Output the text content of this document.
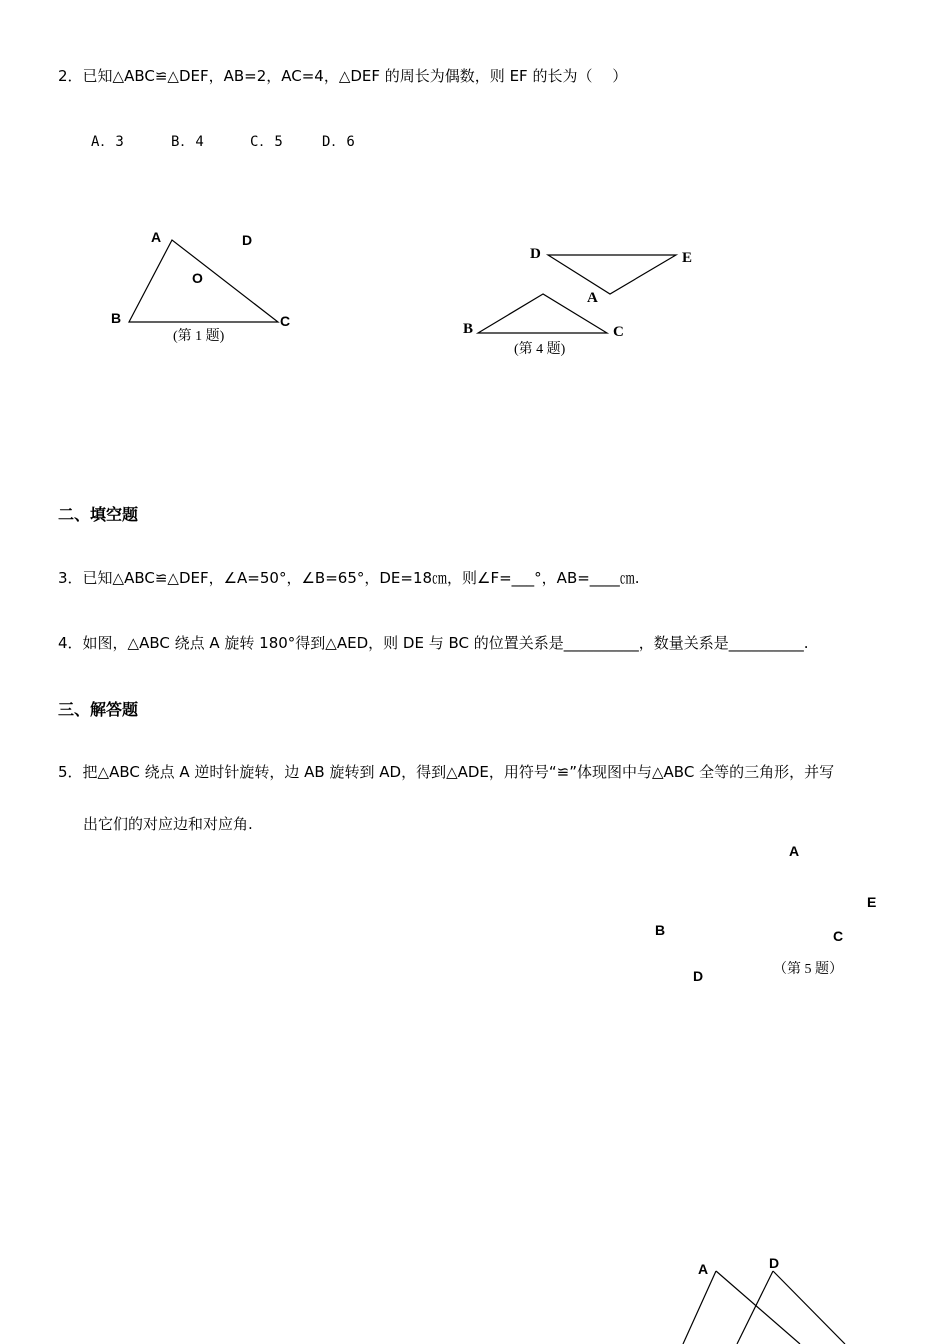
2．已知△ABC≌△DEF，AB=2，AC=4，△DEF 的周长为偶数，则 EF 的长为（　 ）
A．3	B．4	C．5	D．6
A	D
O
B	C
(第 1 题)
D	E
A
B	C
(第 4 题)
二、填空题
3．已知△ABC≌△DEF，∠A=50°，∠B=65°，DE=18㎝，则∠F=___°，AB=____㎝.
4．如图，△ABC 绕点 A 旋转 180°得到△AED，则 DE 与 BC 的位置关系是__________，数量关系是__________.
三、解答题
5．把△ABC 绕点 A 逆时针旋转，边 AB 旋转到 AD，得到△ADE，用符号“≌”体现图中与△ABC 全等的三角形，并写
出它们的对应边和对应角.
A
E
B	C
（第 5 题）
D
A	D
